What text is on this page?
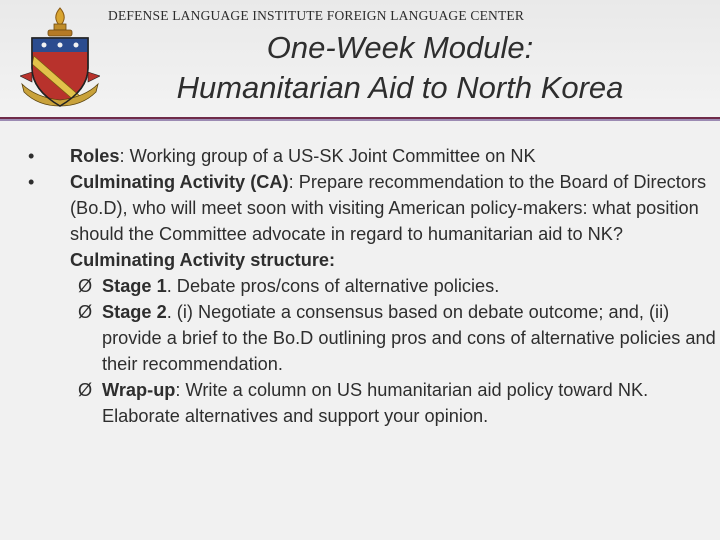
DEFENSE LANGUAGE INSTITUTE FOREIGN LANGUAGE CENTER
One-Week Module:
Humanitarian Aid to North Korea
•	Roles: Working group of a US-SK Joint Committee on NK
•	Culminating Activity (CA): Prepare recommendation to the Board of Directors (Bo.D), who will meet soon with visiting American policy-makers: what position should the Committee advocate in regard to humanitarian aid to NK?
Culminating Activity structure:
Ø Stage 1. Debate pros/cons of alternative policies.
Ø Stage 2. (i) Negotiate a consensus based on debate outcome; and, (ii) provide a brief to the Bo.D outlining pros and cons of alternative policies and their recommendation.
Ø Wrap-up: Write a column on US humanitarian aid policy toward NK. Elaborate alternatives and support your opinion.
